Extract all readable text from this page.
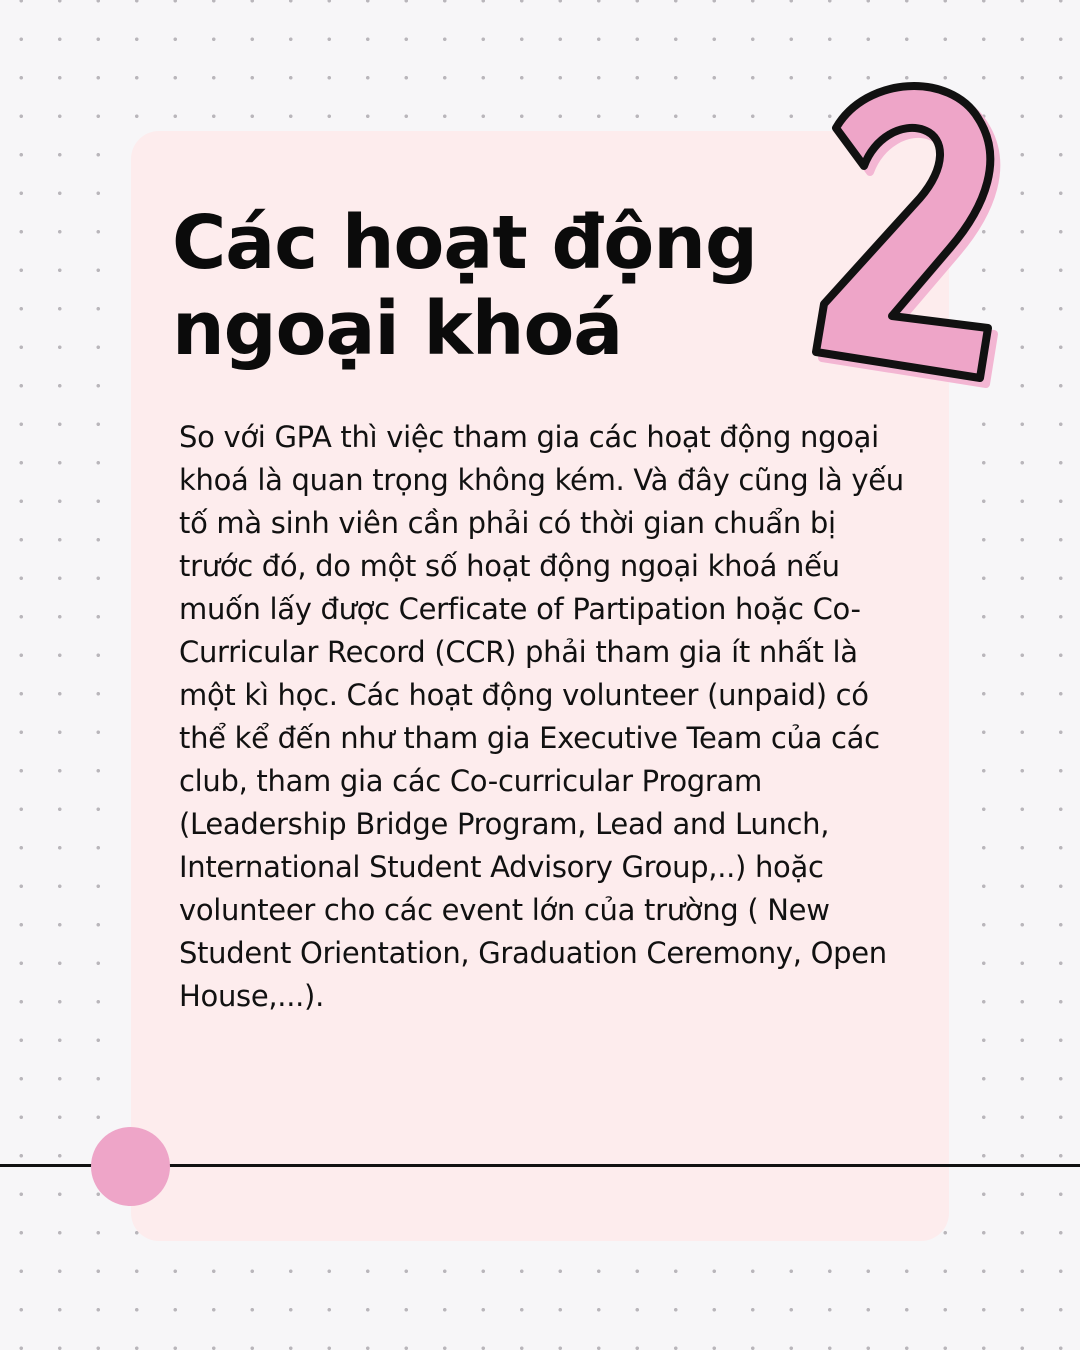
2
Các hoạt động ngoại khoá

So với GPA thì việc tham gia các hoạt động ngoại khoá là quan trọng không kém. Và đây cũng là yếu tố mà sinh viên cần phải có thời gian chuẩn bị trước đó, do một số hoạt động ngoại khoá nếu muốn lấy được Cerficate of Partipation hoặc Co-Curricular Record (CCR) phải tham gia ít nhất là một kì học. Các hoạt động volunteer (unpaid) có thể kể đến như tham gia Executive Team của các club, tham gia các Co-curricular Program (Leadership Bridge Program, Lead and Lunch, International Student Advisory Group,..) hoặc volunteer cho các event lớn của trường ( New Student Orientation, Graduation Ceremony, Open House,...).
